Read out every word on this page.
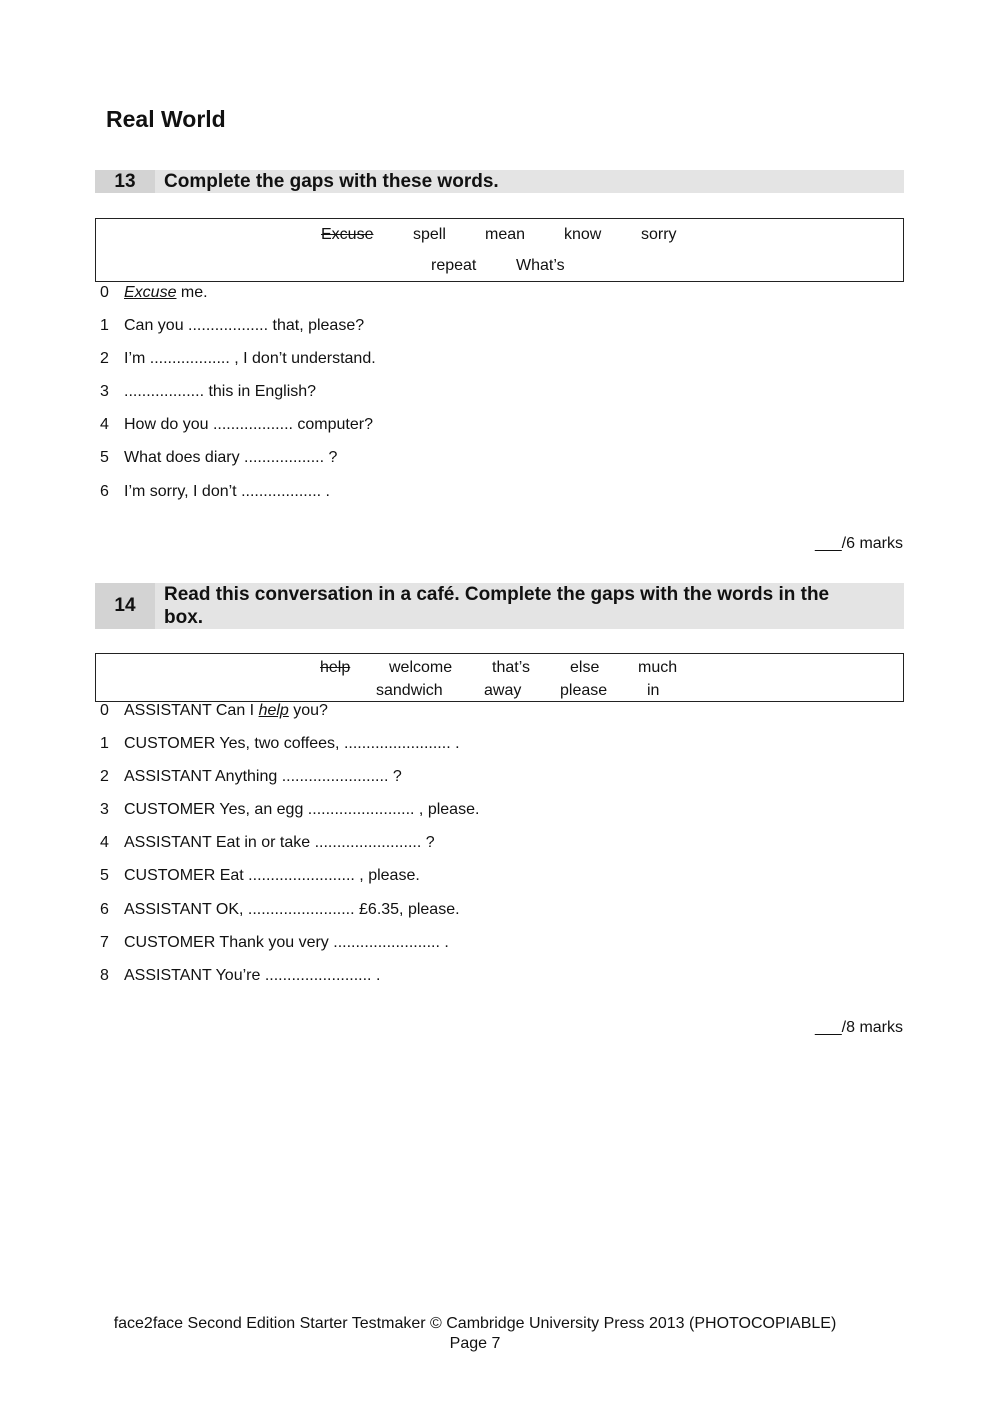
Real World
13	Complete the gaps with these words.
Excuse spell mean know sorry
repeat What’s
0 Excuse me.
1 Can you .................. that, please?
2 I’m .................. , I don’t understand.
3 .................. this in English?
4 How do you .................. computer?
5 What does diary .................. ?
6 I’m sorry, I don’t .................. .
___/6 marks
14
Read this conversation in a café. Complete the gaps with the words in the
box.
help welcome that’s	else much
sandwich	away please in
0 ASSISTANT Can I help you?
1 CUSTOMER Yes, two coffees, ........................ .
2 ASSISTANT Anything ........................ ?
3 CUSTOMER Yes, an egg ........................ , please.
4 ASSISTANT Eat in or take ........................ ?
5 CUSTOMER Eat ........................ , please.
6 ASSISTANT OK, ........................ £6.35, please.
7 CUSTOMER Thank you very ........................ .
8 ASSISTANT You’re ........................ .
___/8 marks
face2face Second Edition Starter Testmaker © Cambridge University Press 2013 (PHOTOCOPIABLE)
Page 7
